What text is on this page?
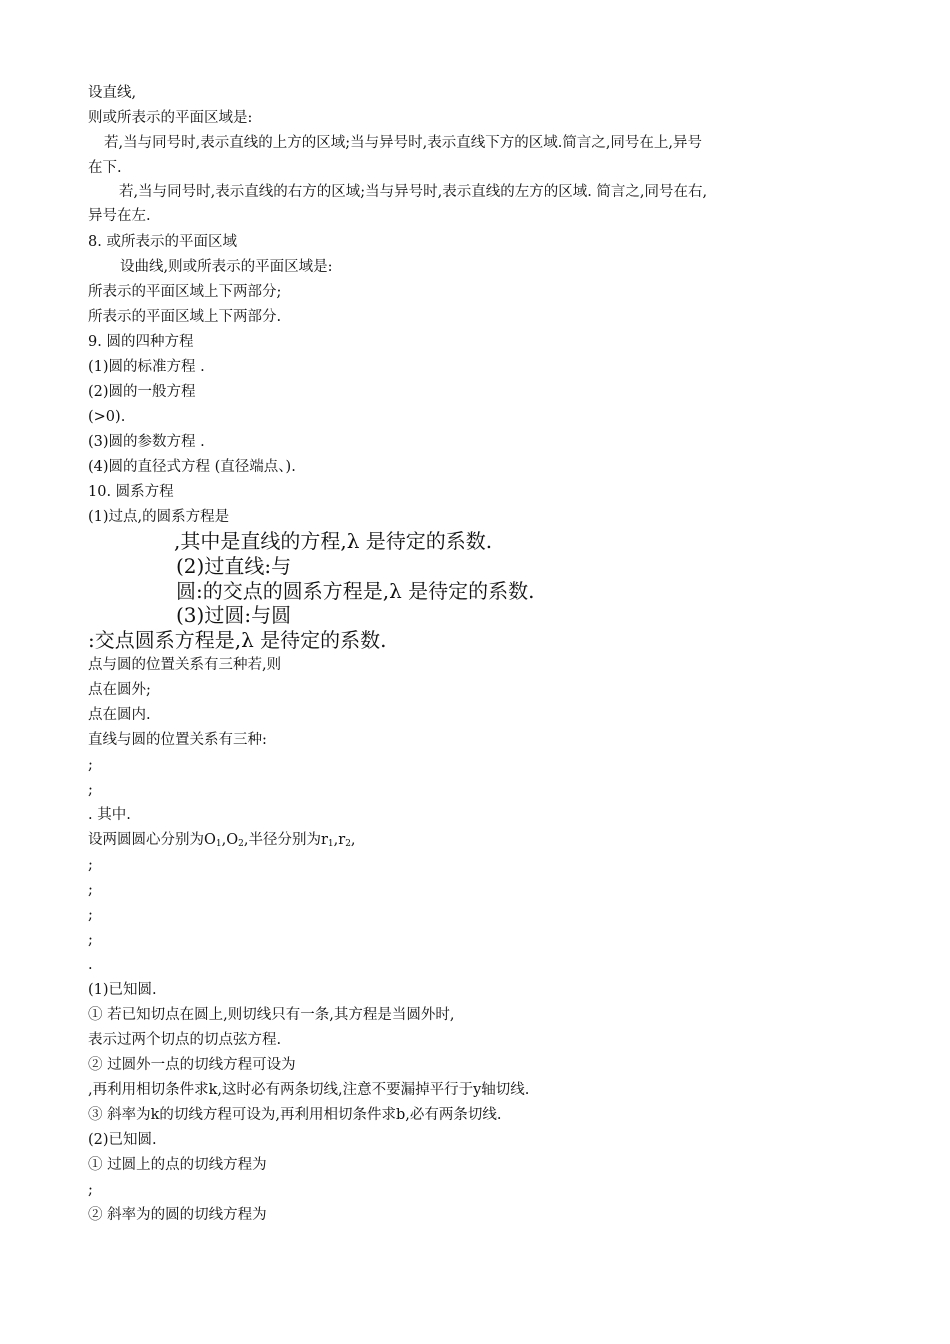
设直线,
则或所表示的平面区域是:
若,当与同号时,表示直线的上方的区域;当与异号时,表示直线下方的区域.简言之,同号在上,异号
在下.
若,当与同号时,表示直线的右方的区域;当与异号时,表示直线的左方的区域. 简言之,同号在右,
异号在左.
8. 或所表示的平面区域
设曲线,则或所表示的平面区域是:
所表示的平面区域上下两部分;
所表示的平面区域上下两部分.
9. 圆的四种方程
(1)圆的标准方程 .
(2)圆的一般方程
(>0).
(3)圆的参数方程 .
(4)圆的直径式方程 (直径端点、).
10. 圆系方程
(1)过点,的圆系方程是
,其中是直线的方程,λ 是待定的系数.
(2)过直线:与
圆:的交点的圆系方程是,λ 是待定的系数.
(3)过圆:与圆
:交点圆系方程是,λ 是待定的系数.
点与圆的位置关系有三种若,则
点在圆外;
点在圆内.
直线与圆的位置关系有三种:
;
;
. 其中.
设两圆圆心分别为$O_1,O_2$,半径分别为$r_1,r_2$,
;
;
;
;
.
(1)已知圆.
① 若已知切点在圆上,则切线只有一条,其方程是当圆外时,
表示过两个切点的切点弦方程.
② 过圆外一点的切线方程可设为
,再利用相切条件求k,这时必有两条切线,注意不要漏掉平行于y轴切线.
③ 斜率为k的切线方程可设为,再利用相切条件求b,必有两条切线.
(2)已知圆.
① 过圆上的点的切线方程为
;
② 斜率为的圆的切线方程为
